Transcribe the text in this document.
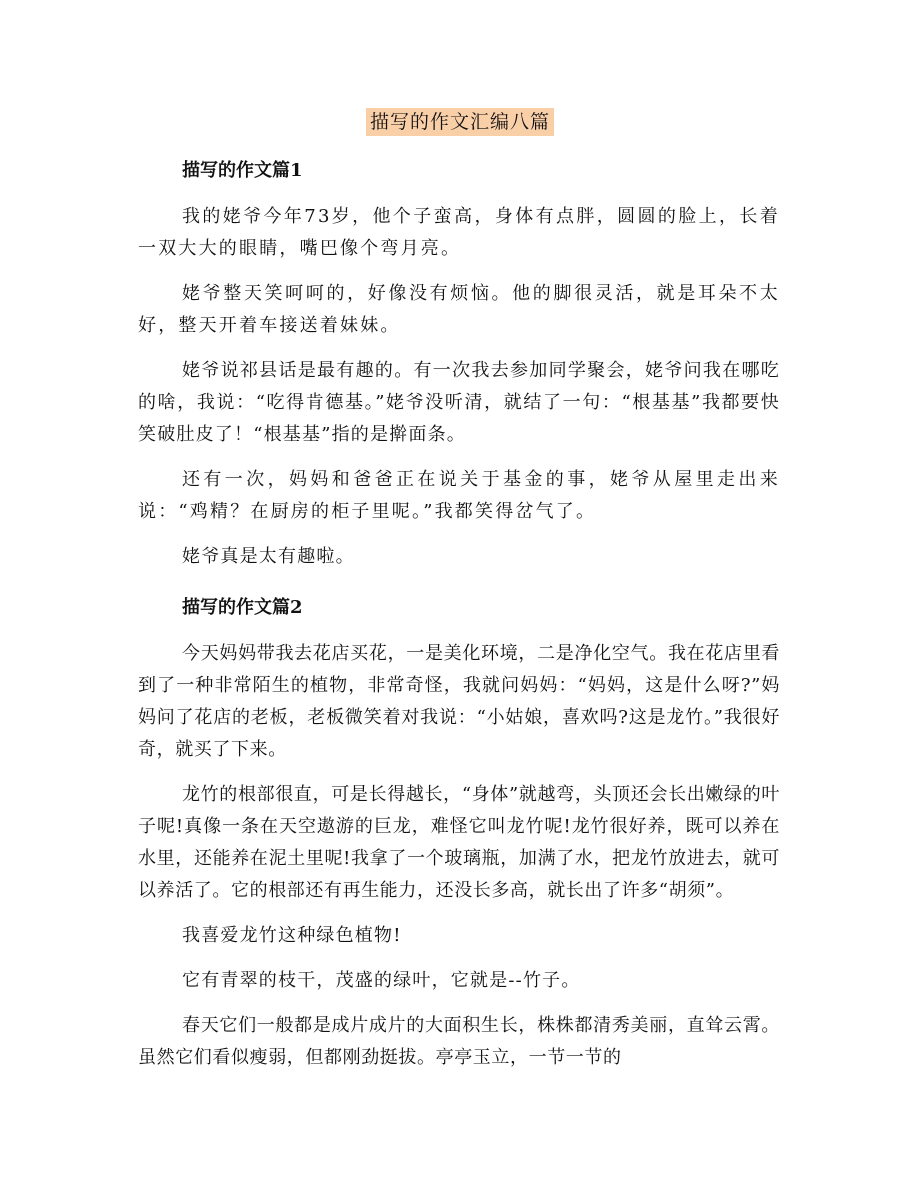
描写的作文汇编八篇
描写的作文篇1

我的姥爷今年73岁，他个子蛮高，身体有点胖，圆圆的脸上，长着一双大大的眼睛，嘴巴像个弯月亮。

姥爷整天笑呵呵的，好像没有烦恼。他的脚很灵活，就是耳朵不太好，整天开着车接送着妹妹。

姥爷说祁县话是最有趣的。有一次我去参加同学聚会，姥爷问我在哪吃的啥，我说：“吃得肯德基。”姥爷没听清，就结了一句：“根基基”我都要快笑破肚皮了！“根基基”指的是擀面条。

还有一次，妈妈和爸爸正在说关于基金的事，姥爷从屋里走出来说：“鸡精？在厨房的柜子里呢。”我都笑得岔气了。

姥爷真是太有趣啦。

描写的作文篇2

今天妈妈带我去花店买花，一是美化环境，二是净化空气。我在花店里看到了一种非常陌生的植物，非常奇怪，我就问妈妈：“妈妈，这是什么呀?”妈妈问了花店的老板，老板微笑着对我说：“小姑娘，喜欢吗?这是龙竹。”我很好奇，就买了下来。

龙竹的根部很直，可是长得越长，“身体”就越弯，头顶还会长出嫩绿的叶子呢!真像一条在天空遨游的巨龙，难怪它叫龙竹呢!龙竹很好养，既可以养在水里，还能养在泥土里呢!我拿了一个玻璃瓶，加满了水，把龙竹放进去，就可以养活了。它的根部还有再生能力，还没长多高，就长出了许多“胡须”。

我喜爱龙竹这种绿色植物!

它有青翠的枝干，茂盛的绿叶，它就是--竹子。

春天它们一般都是成片成片的大面积生长，株株都清秀美丽，直耸云霄。虽然它们看似瘦弱，但都刚劲挺拔。亭亭玉立，一节一节的
